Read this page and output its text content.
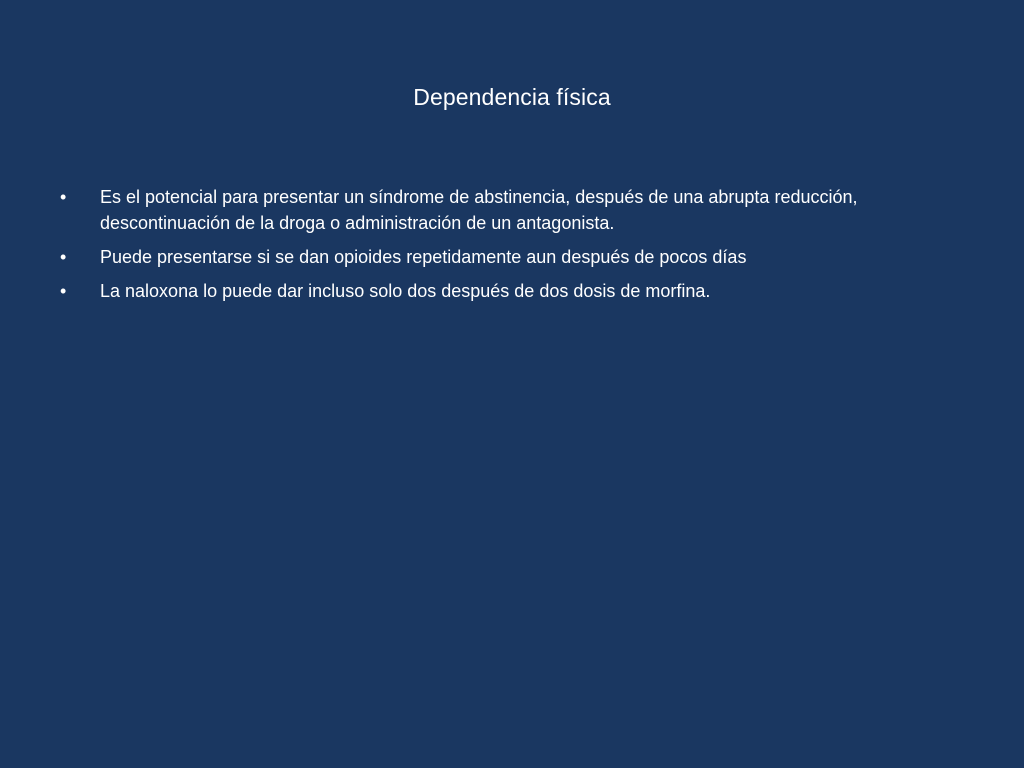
Dependencia física
•	Es el potencial para presentar un síndrome de abstinencia, después de una abrupta reducción, descontinuación de la droga o administración de un antagonista.
•	Puede presentarse si se dan opioides repetidamente aun después de pocos días
•	La naloxona lo puede dar incluso solo dos después de dos dosis de morfina.
